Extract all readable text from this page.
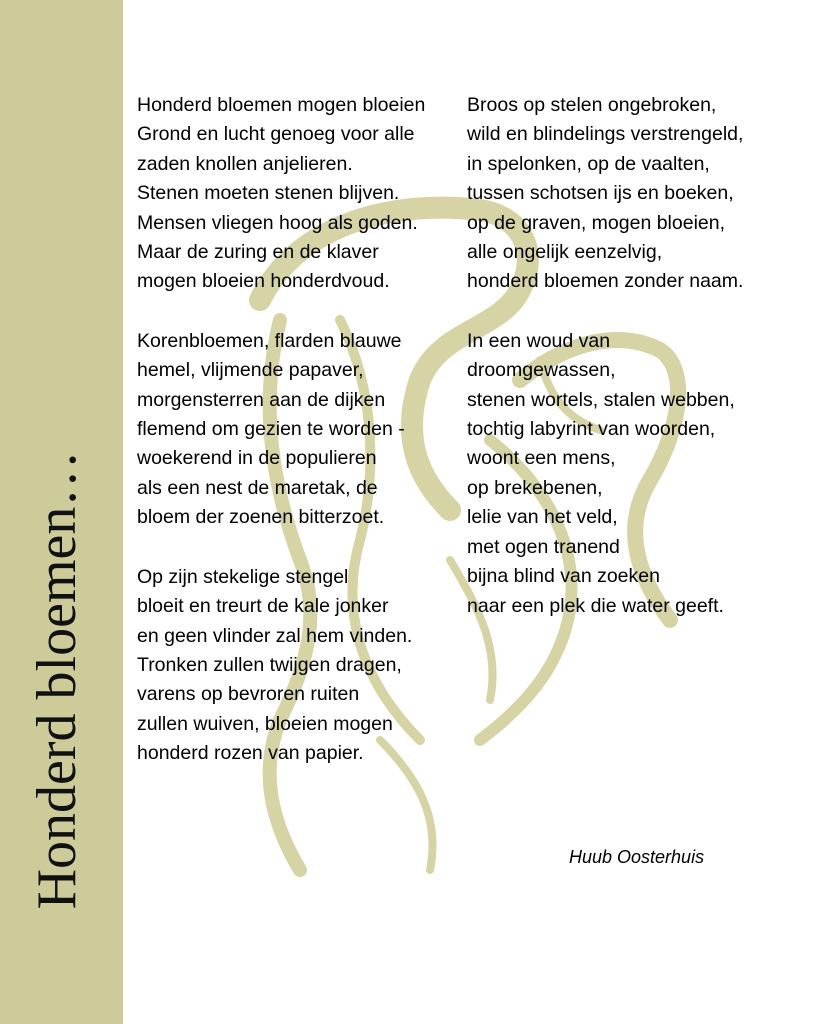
Honderd bloemen…
Honderd bloemen mogen bloeien
Grond en lucht genoeg voor alle
zaden knollen anjelieren.
Stenen moeten stenen blijven.
Mensen vliegen hoog als goden.
Maar de zuring en de klaver
mogen bloeien honderdvoud.
Korenbloemen, flarden blauwe
hemel, vlijmende papaver,
morgensterren aan de dijken
flemend om gezien te worden -
woekerend in de populieren
als een nest de maretak, de
bloem der zoenen bitterzoet.
Op zijn stekelige stengel
bloeit en treurt de kale jonker
en geen vlinder zal hem vinden.
Tronken zullen twijgen dragen,
varens op bevroren ruiten
zullen wuiven, bloeien mogen
honderd rozen van papier.
Broos op stelen ongebroken,
wild en blindelings verstrengeld,
in spelonken, op de vaalten,
tussen schotsen ijs en boeken,
op de graven, mogen bloeien,
alle ongelijk eenzelvig,
honderd bloemen zonder naam.
In een woud van
droomgewassen,
stenen wortels, stalen webben,
tochtig labyrint van woorden,
woont een mens,
op brekebenen,
lelie van het veld,
met ogen tranend
bijna blind van zoeken
naar een plek die water geeft.
Huub Oosterhuis
